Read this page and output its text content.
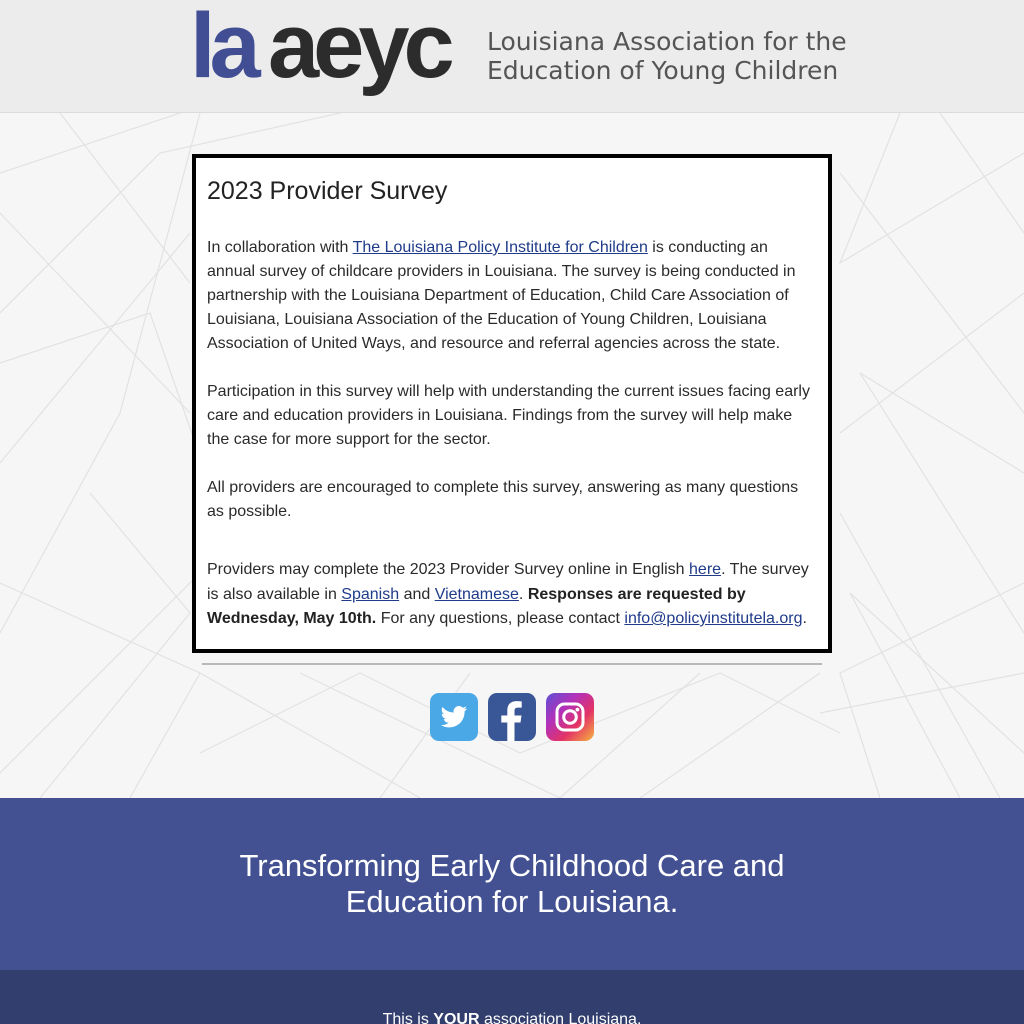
la aeyc Louisiana Association for the
Education of Young Children
2023 Provider Survey

In collaboration with The Louisiana Policy Institute for Children is conducting an annual survey of childcare providers in Louisiana. The survey is being conducted in partnership with the Louisiana Department of Education, Child Care Association of Louisiana, Louisiana Association of the Education of Young Children, Louisiana Association of United Ways, and resource and referral agencies across the state.

Participation in this survey will help with understanding the current issues facing early care and education providers in Louisiana. Findings from the survey will help make the case for more support for the sector.

All providers are encouraged to complete this survey, answering as many questions as possible.

Providers may complete the 2023 Provider Survey online in English here. The survey is also available in Spanish and Vietnamese. Responses are requested by Wednesday, May 10th. For any questions, please contact info@policyinstitutela.org.

Transforming Early Childhood Care and
Education for Louisiana.
This is YOUR association Louisiana.
